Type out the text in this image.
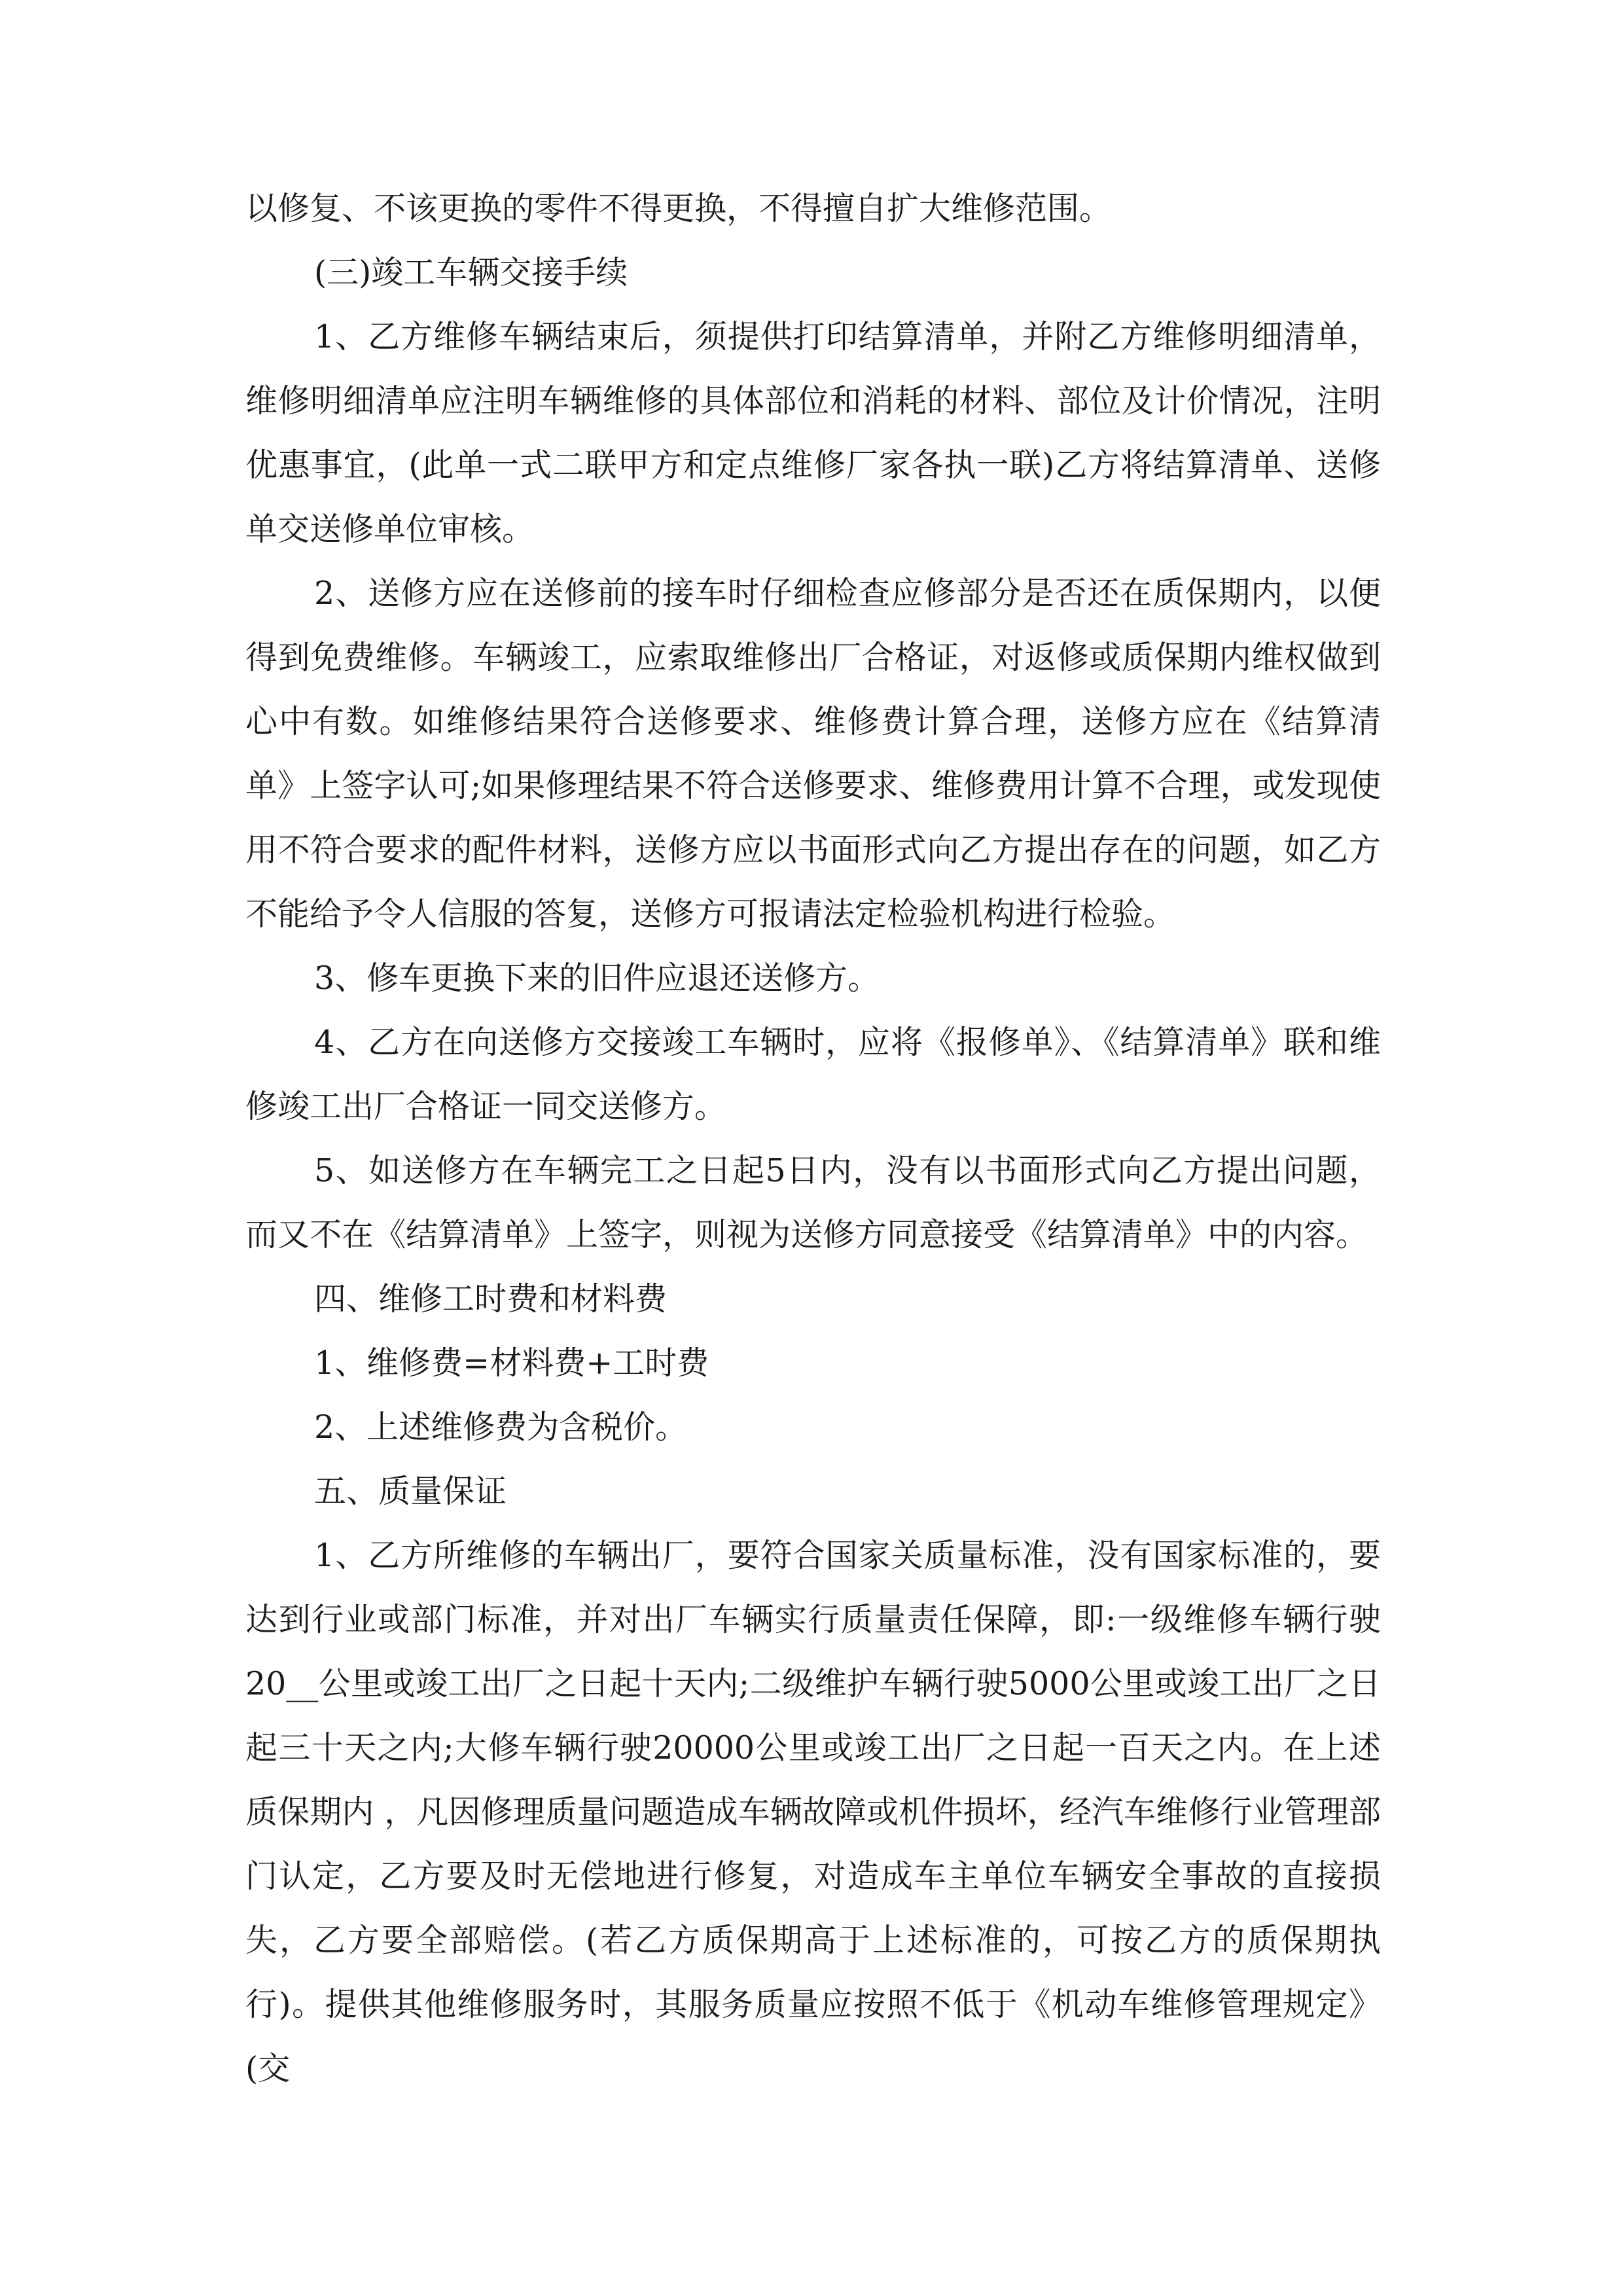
以修复、不该更换的零件不得更换，不得擅自扩大维修范围。

(三)竣工车辆交接手续

1、乙方维修车辆结束后，须提供打印结算清单，并附乙方维修明细清单，维修明细清单应注明车辆维修的具体部位和消耗的材料、部位及计价情况，注明优惠事宜，(此单一式二联甲方和定点维修厂家各执一联)乙方将结算清单、送修单交送修单位审核。

2、送修方应在送修前的接车时仔细检查应修部分是否还在质保期内，以便得到免费维修。车辆竣工，应索取维修出厂合格证，对返修或质保期内维权做到心中有数。如维修结果符合送修要求、维修费计算合理，送修方应在《结算清单》上签字认可;如果修理结果不符合送修要求、维修费用计算不合理，或发现使用不符合要求的配件材料，送修方应以书面形式向乙方提出存在的问题，如乙方不能给予令人信服的答复，送修方可报请法定检验机构进行检验。

3、修车更换下来的旧件应退还送修方。

4、乙方在向送修方交接竣工车辆时，应将《报修单》、《结算清单》联和维修竣工出厂合格证一同交送修方。

5、如送修方在车辆完工之日起5日内，没有以书面形式向乙方提出问题，而又不在《结算清单》上签字，则视为送修方同意接受《结算清单》中的内容。

四、维修工时费和材料费

1、维修费=材料费+工时费

2、上述维修费为含税价。

五、质量保证

1、乙方所维修的车辆出厂，要符合国家关质量标准，没有国家标准的，要达到行业或部门标准，并对出厂车辆实行质量责任保障，即:一级维修车辆行驶20__公里或竣工出厂之日起十天内;二级维护车辆行驶5000公里或竣工出厂之日起三十天之内;大修车辆行驶20000公里或竣工出厂之日起一百天之内。在上述质保期内 ，凡因修理质量问题造成车辆故障或机件损坏，经汽车维修行业管理部门认定，乙方要及时无偿地进行修复，对造成车主单位车辆安全事故的直接损失，乙方要全部赔偿。(若乙方质保期高于上述标准的，可按乙方的质保期执行)。提供其他维修服务时，其服务质量应按照不低于《机动车维修管理规定》(交
